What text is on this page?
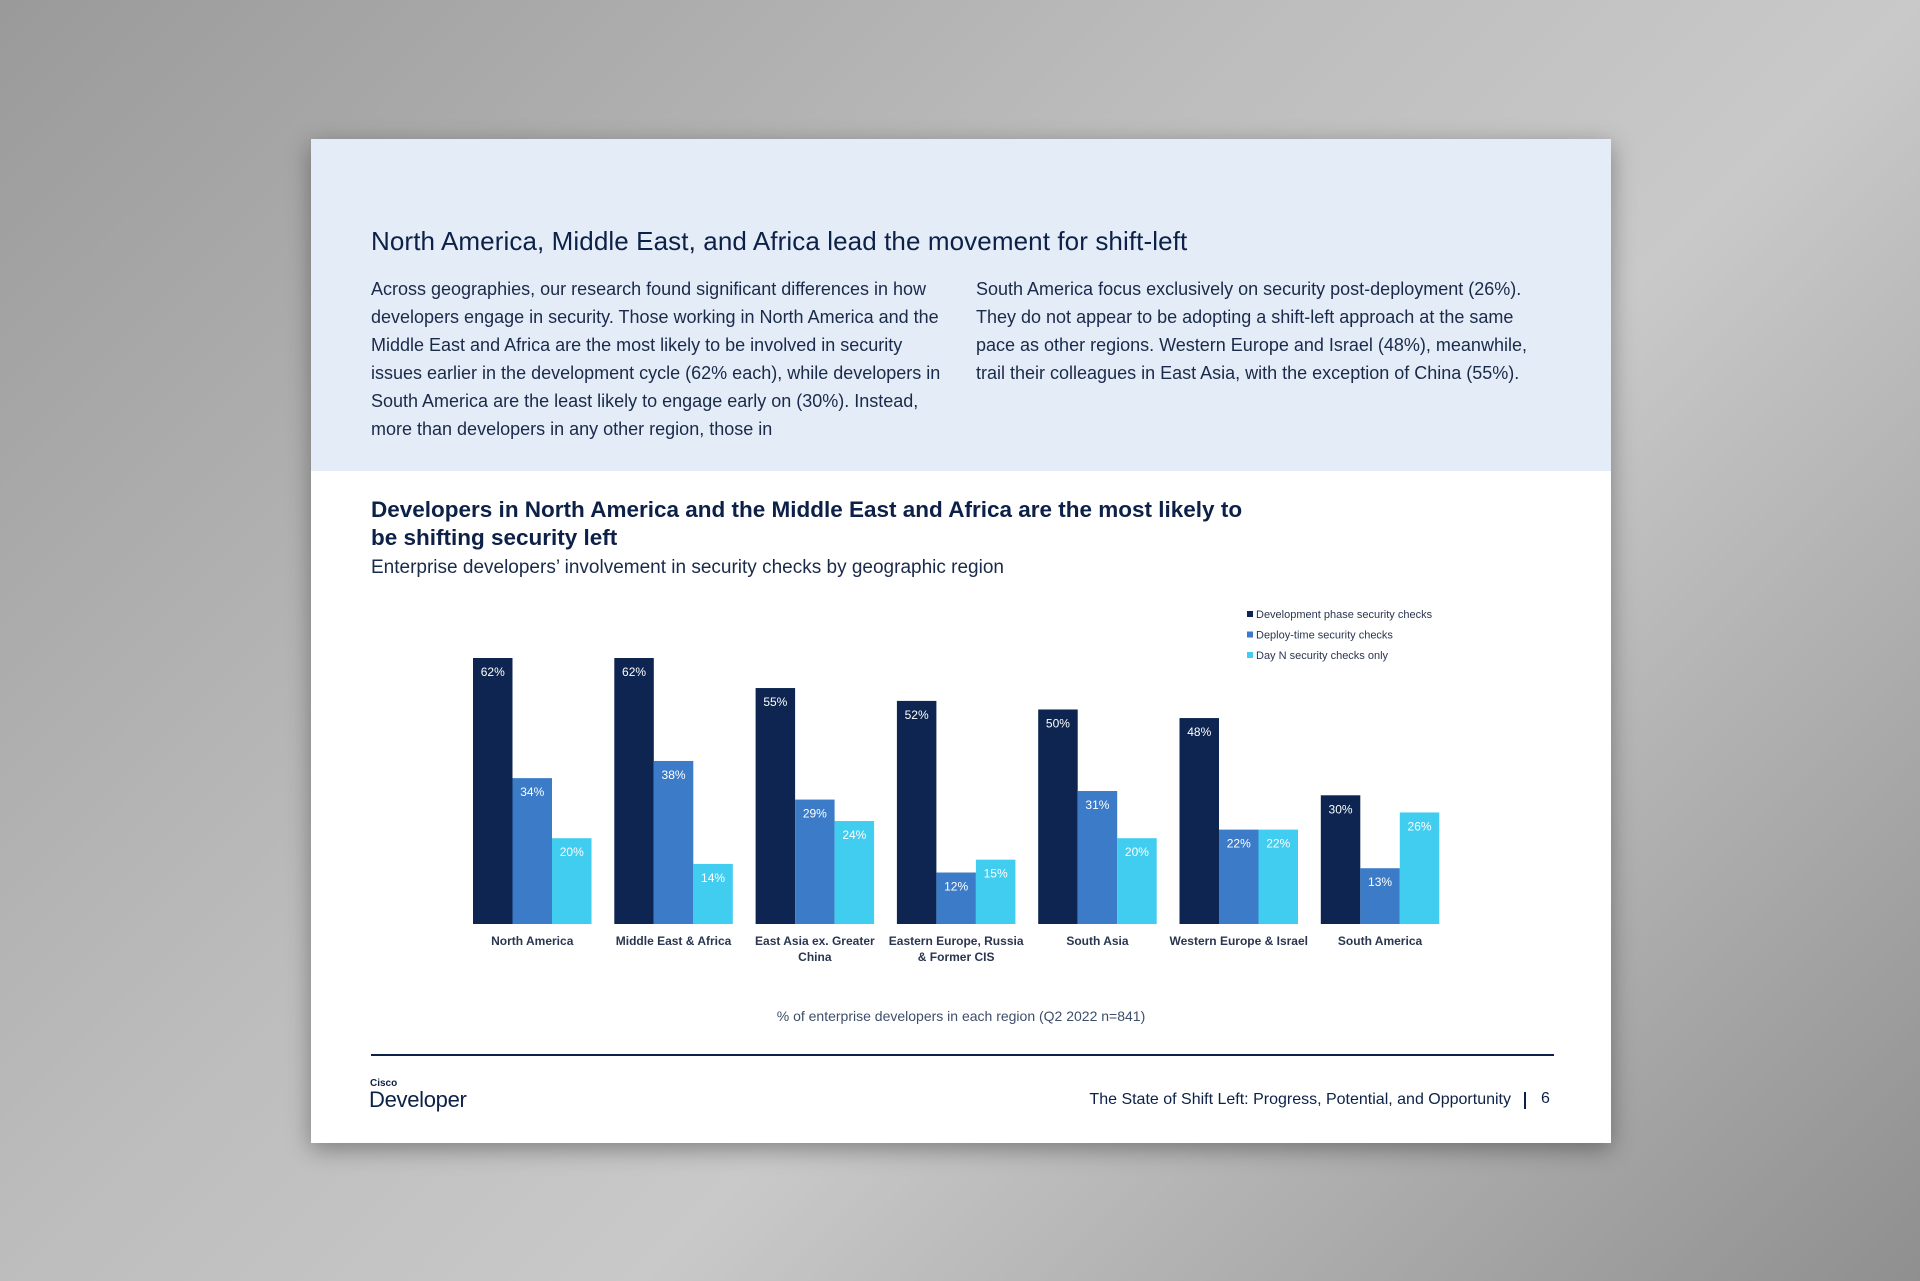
North America, Middle East, and Africa lead the movement for shift-left

Across geographies, our research found significant differences in how developers engage in security. Those working in North America and the Middle East and Africa are the most likely to be involved in security issues earlier in the development cycle (62% each), while developers in South America are the least likely to engage early on (30%). Instead, more than developers in any other region, those in

South America focus exclusively on security post-deployment (26%). They do not appear to be adopting a shift-left approach at the same pace as other regions. Western Europe and Israel (48%), meanwhile, trail their colleagues in East Asia, with the exception of China (55%).

Developers in North America and the Middle East and Africa are the most likely to be shifting security left

Enterprise developers’ involvement in security checks by geographic region

62%
34%
20%
North America
62%
38%
14%
Middle East & Africa
55%
29%
24%
East Asia ex. Greater
China
52%
12%
15%
Eastern Europe, Russia
& Former CIS
50%
31%
20%
South Asia
48%
22% 22%
Western Europe & Israel
30%
13%
26%
South America
Development phase security checks
Deploy-time security checks
Day N security checks only
% of enterprise developers in each region (Q2 2022 n=841)
Cisco
Developer	The State of Shift Left: Progress, Potential, and Opportunity 6
